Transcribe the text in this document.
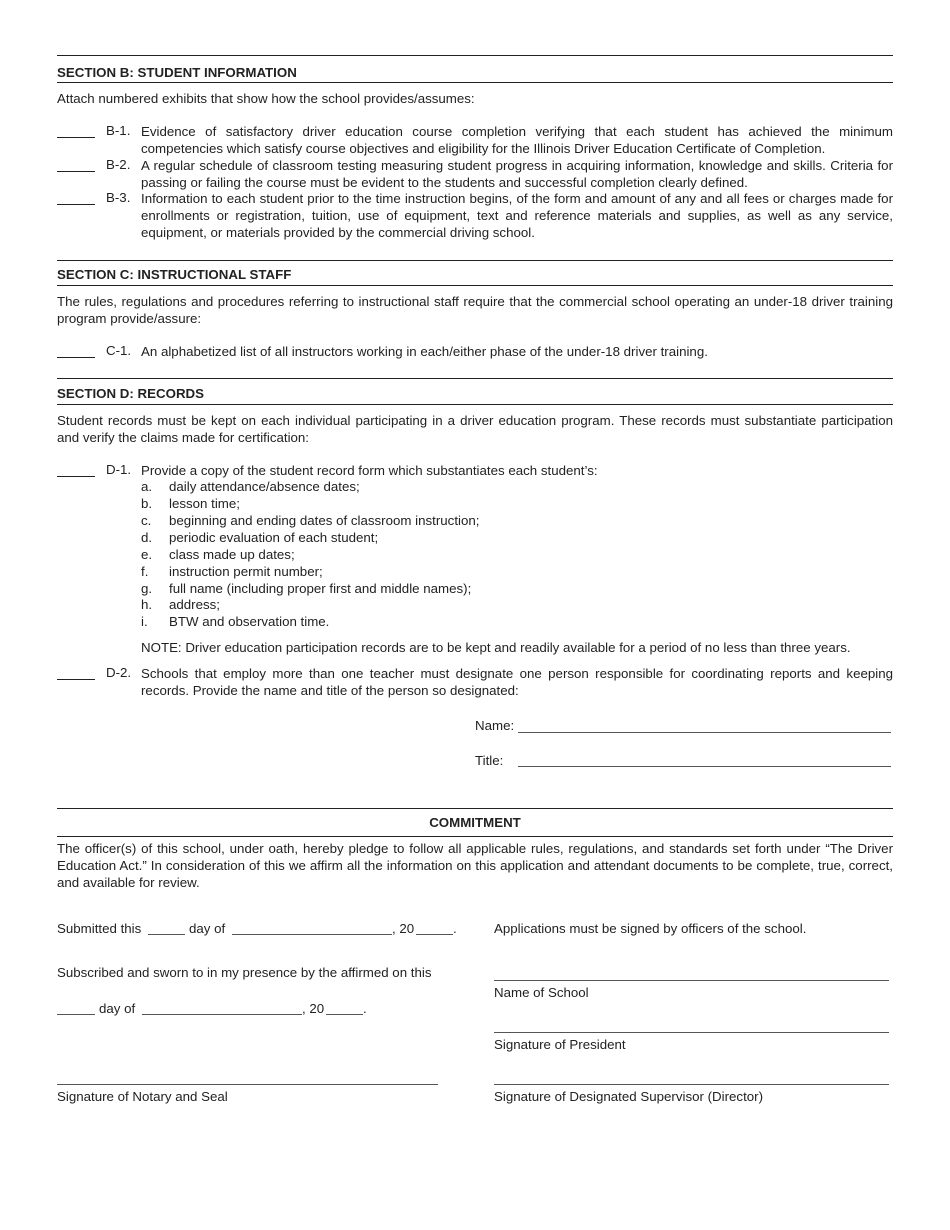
SECTION B: STUDENT INFORMATION
Attach numbered exhibits that show how the school provides/assumes:
B-1. Evidence of satisfactory driver education course completion verifying that each student has achieved the minimum competencies which satisfy course objectives and eligibility for the Illinois Driver Education Certificate of Completion.
B-2. A regular schedule of classroom testing measuring student progress in acquiring information, knowledge and skills. Criteria for passing or failing the course must be evident to the students and successful completion clearly defined.
B-3. Information to each student prior to the time instruction begins, of the form and amount of any and all fees or charges made for enrollments or registration, tuition, use of equipment, text and reference materials and supplies, as well as any service, equipment, or materials provided by the commercial driving school.
SECTION C: INSTRUCTIONAL STAFF
The rules, regulations and procedures referring to instructional staff require that the commercial school operating an under-18 driver training program provide/assure:
C-1. An alphabetized list of all instructors working in each/either phase of the under-18 driver training.
SECTION D: RECORDS
Student records must be kept on each individual participating in a driver education program. These records must substantiate participation and verify the claims made for certification:
D-1. Provide a copy of the student record form which substantiates each student’s:
a. daily attendance/absence dates;
b. lesson time;
c. beginning and ending dates of classroom instruction;
d. periodic evaluation of each student;
e. class made up dates;
f. instruction permit number;
g. full name (including proper first and middle names);
h. address;
i. BTW and observation time.
NOTE: Driver education participation records are to be kept and readily available for a period of no less than three years.
D-2. Schools that employ more than one teacher must designate one person responsible for coordinating reports and keeping records. Provide the name and title of the person so designated:
Name:
Title:
COMMITMENT
The officer(s) of this school, under oath, hereby pledge to follow all applicable rules, regulations, and standards set forth under “The Driver Education Act.” In consideration of this we affirm all the information on this application and attendant documents to be complete, true, correct, and available for review.
Submitted this	day of	, 20	.	Applications must be signed by officers of the school.
Subscribed and sworn to in my presence by the affirmed on this
day of	, 20	.
Name of School
Signature of President
Signature of Notary and Seal	Signature of Designated Supervisor (Director)
